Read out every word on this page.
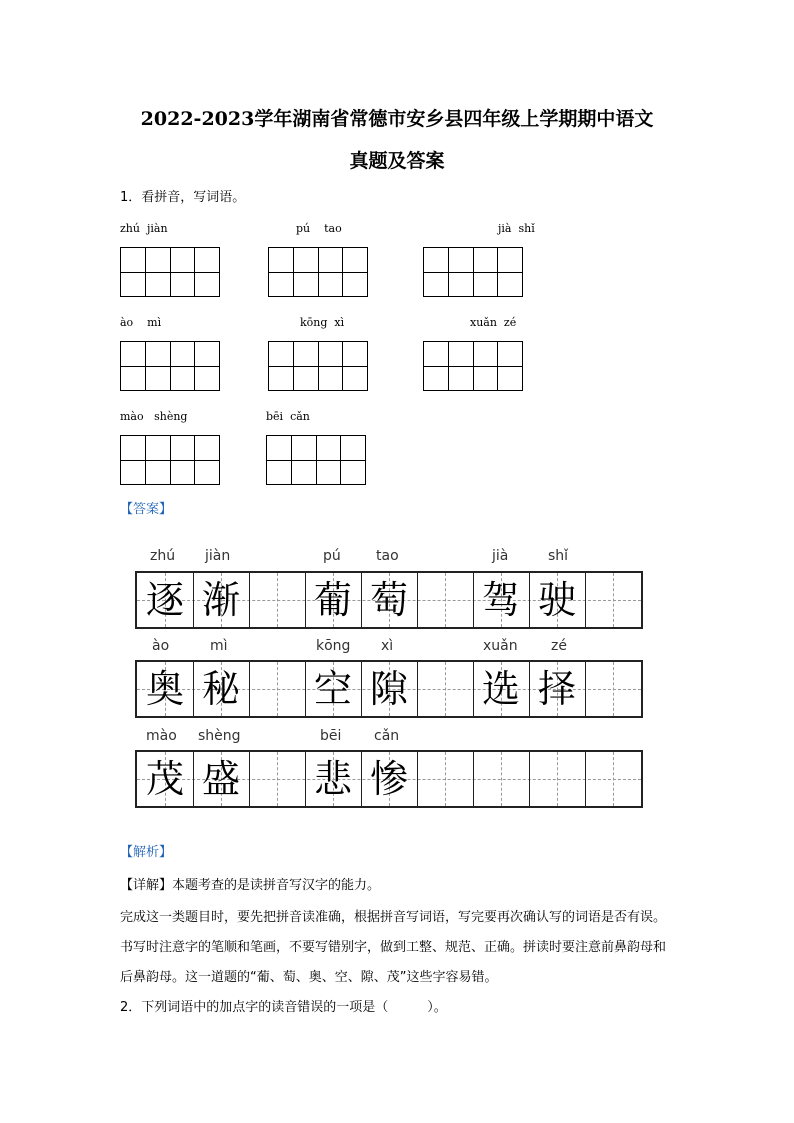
2022-2023学年湖南省常德市安乡县四年级上学期期中语文
真题及答案
1．看拼音，写词语。
zhú  jiàn	pú    tao	jià  shǐ
ào    mì	kōng  xì	xuǎn  zé
mào   shèng	bēi  cǎn
【答案】
zhú jiàn	pú	tao	jià	shǐ
逐 渐 葡 萄 驾 驶
ào	mì	kōng xì	xuǎn zé
奥 秘 空 隙 选 择
mào shèng	bēi cǎn
茂 盛 悲 惨
【解析】
【详解】本题考查的是读拼音写汉字的能力。
完成这一类题目时，要先把拼音读准确，根据拼音写词语，写完要再次确认写的词语是否有误。书写时注意字的笔顺和笔画，不要写错别字，做到工整、规范、正确。拼读时要注意前鼻韵母和后鼻韵母。这一道题的“葡、萄、奥、空、隙、茂”这些字容易错。
2．下列词语中的加点字的读音错误的一项是（　　　）。
